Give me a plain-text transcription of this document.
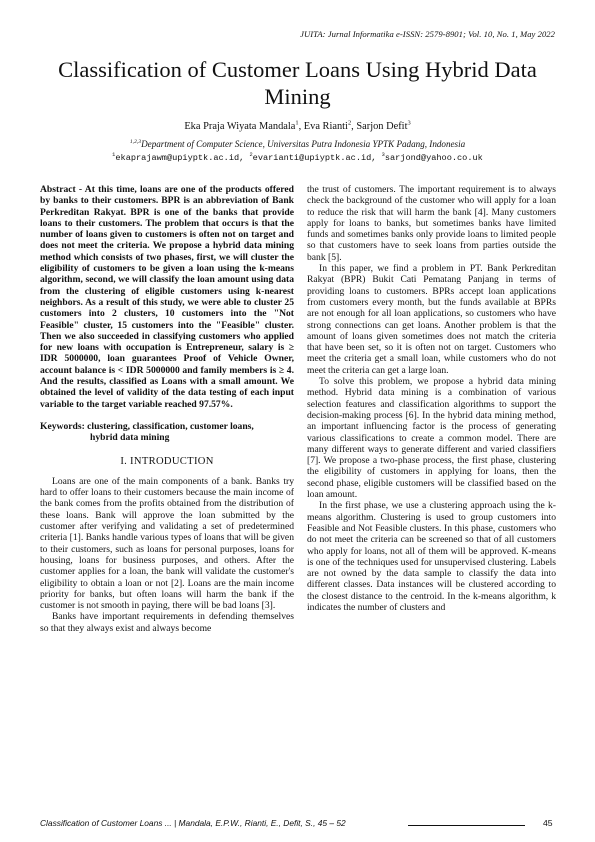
JUITA: Jurnal Informatika e-ISSN: 2579-8901; Vol. 10, No. 1, May 2022
Classification of Customer Loans Using Hybrid Data Mining
Eka Praja Wiyata Mandala$^1$, Eva Rianti$^2$, Sarjon Defit$^3$
$^{1,2,3}$Department of Computer Science, Universitas Putra Indonesia YPTK Padang, Indonesia
$^1$ekaprajawm@upiyptk.ac.id, $^2$evarianti@upiyptk.ac.id, $^3$sarjond@yahoo.co.uk

Abstract - At this time, loans are one of the products offered by banks to their customers. BPR is an abbreviation of Bank Perkreditan Rakyat. BPR is one of the banks that provide loans to their customers. The problem that occurs is that the number of loans given to customers is often not on target and does not meet the criteria. We propose a hybrid data mining method which consists of two phases, first, we will cluster the eligibility of customers to be given a loan using the k-means algorithm, second, we will classify the loan amount using data from the clustering of eligible customers using k-nearest neighbors. As a result of this study, we were able to cluster 25 customers into 2 clusters, 10 customers into the "Not Feasible" cluster, 15 customers into the "Feasible" cluster. Then we also succeeded in classifying customers who applied for new loans with occupation is Entrepreneur, salary is ≥ IDR 5000000, loan guarantees Proof of Vehicle Owner, account balance is < IDR 5000000 and family members is ≥ 4. And the results, classified as Loans with a small amount. We obtained the level of validity of the data testing of each input variable to the target variable reached 97.57%.

Keywords: clustering, classification, customer loans,
hybrid data mining

I. INTRODUCTION

Loans are one of the main components of a bank. Banks try hard to offer loans to their customers because the main income of the bank comes from the profits obtained from the distribution of these loans. Bank will approve the loan submitted by the customer after verifying and validating a set of predetermined criteria [1]. Banks handle various types of loans that will be given to their customers, such as loans for personal purposes, loans for housing, loans for business purposes, and others. After the customer applies for a loan, the bank will validate the customer's eligibility to obtain a loan or not [2]. Loans are the main income priority for banks, but often loans will harm the bank if the customer is not smooth in paying, there will be bad loans [3].

Banks have important requirements in defending themselves so that they always exist and always become

the trust of customers. The important requirement is to always check the background of the customer who will apply for a loan to reduce the risk that will harm the bank [4]. Many customers apply for loans to banks, but sometimes banks have limited funds and sometimes banks only provide loans to limited people so that customers have to seek loans from parties outside the bank [5].

In this paper, we find a problem in PT. Bank Perkreditan Rakyat (BPR) Bukit Cati Pematang Panjang in terms of providing loans to customers. BPRs accept loan applications from customers every month, but the funds available at BPRs are not enough for all loan applications, so customers who have strong connections can get loans. Another problem is that the amount of loans given sometimes does not match the criteria that have been set, so it is often not on target. Customers who meet the criteria get a small loan, while customers who do not meet the criteria can get a large loan.

To solve this problem, we propose a hybrid data mining method. Hybrid data mining is a combination of various selection features and classification algorithms to support the decision-making process [6]. In the hybrid data mining method, an important influencing factor is the process of generating various classifications to create a common model. There are many different ways to generate different and varied classifiers [7]. We propose a two-phase process, the first phase, clustering the eligibility of customers in applying for loans, then the second phase, eligible customers will be classified based on the loan amount.

In the first phase, we use a clustering approach using the k-means algorithm. Clustering is used to group customers into Feasible and Not Feasible clusters. In this phase, customers who do not meet the criteria can be screened so that of all customers who apply for loans, not all of them will be approved. K-means is one of the techniques used for unsupervised clustering. Labels are not owned by the data sample to classify the data into different classes. Data instances will be clustered according to the closest distance to the centroid. In the k-means algorithm, k indicates the number of clusters and

Classification of Customer Loans ... | Mandala, E.P.W., Rianti, E., Defit, S., 45 – 52	45
